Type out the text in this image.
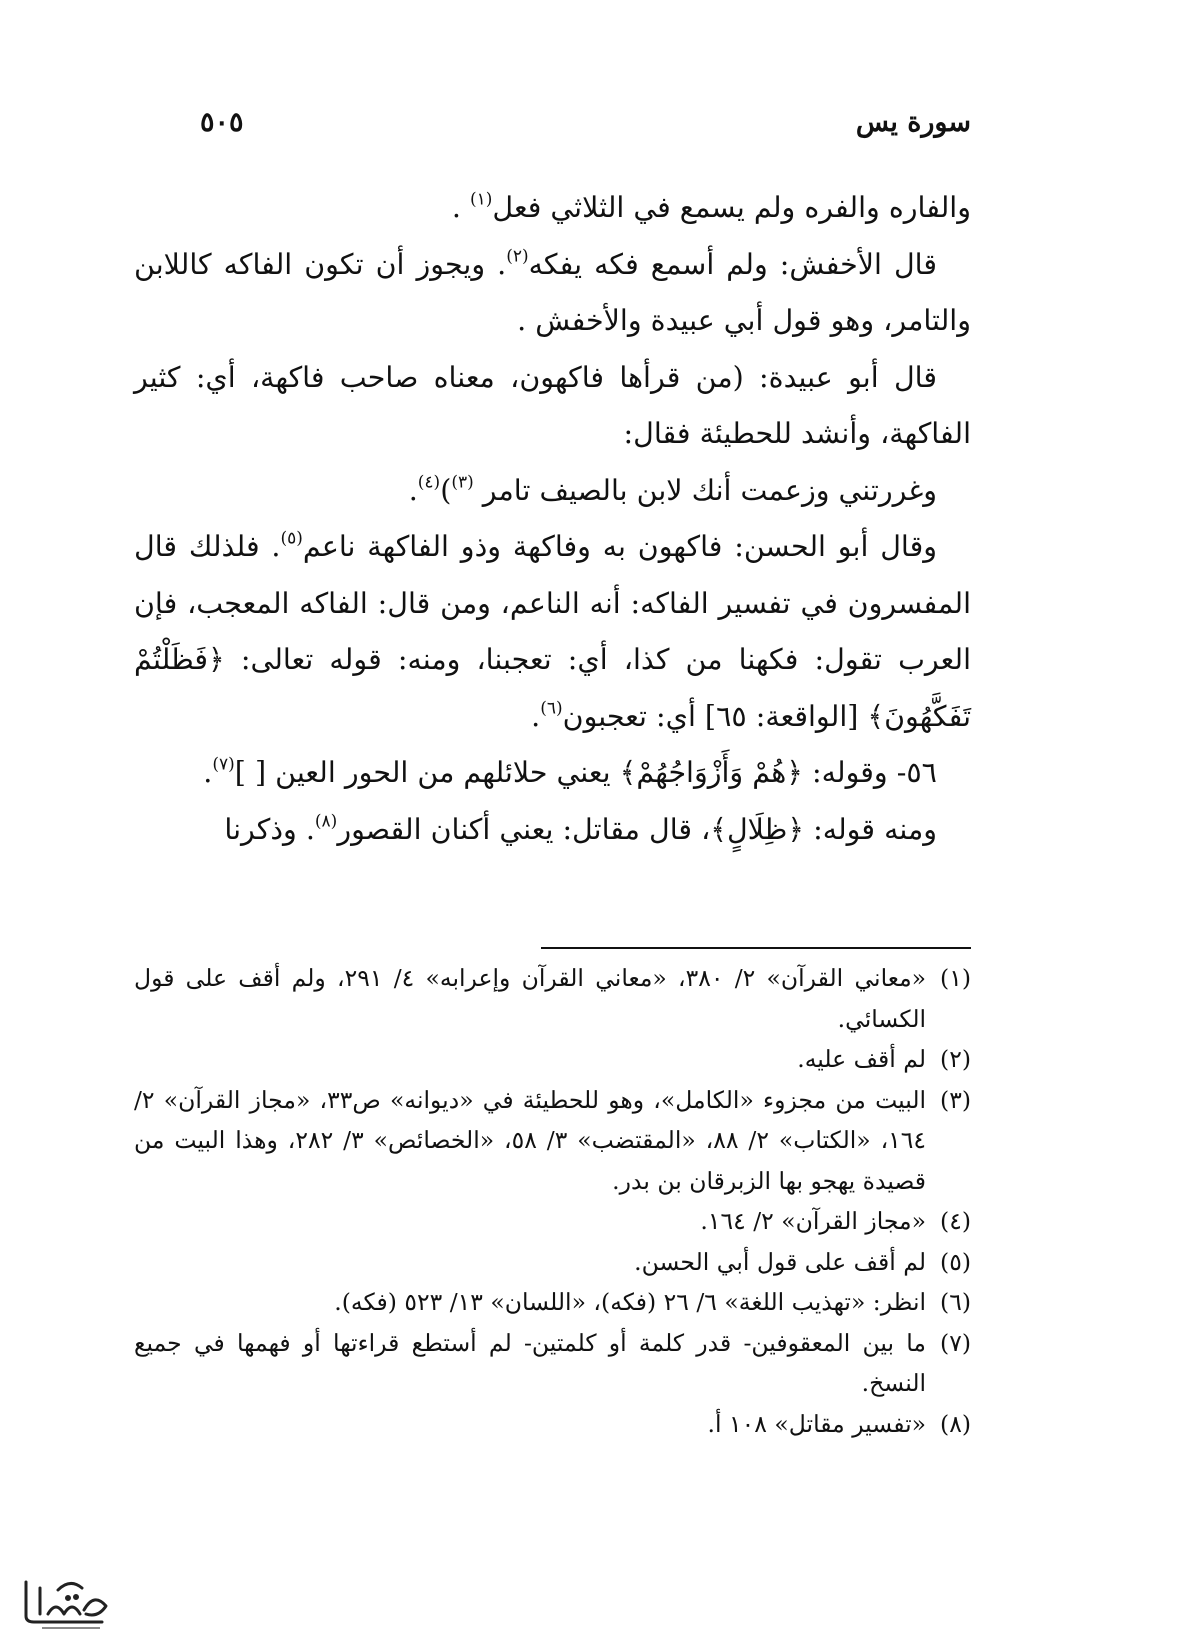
سورة يس
٥٠٥

والفاره والفره ولم يسمع في الثلاثي فعل$^{(١)}$ .

قال الأخفش: ولم أسمع فكه يفكه$^{(٢)}$. ويجوز أن تكون الفاكه كاللابن والتامر، وهو قول أبي عبيدة والأخفش .

قال أبو عبيدة: (من قرأها فاكهون، معناه صاحب فاكهة، أي: كثير الفاكهة، وأنشد للحطيئة فقال:

وغررتني وزعمت أنك لابن بالصيف تامر $^{(٣)}$)$^{(٤)}$.

وقال أبو الحسن: فاكهون به وفاكهة وذو الفاكهة ناعم$^{(٥)}$. فلذلك قال المفسرون في تفسير الفاكه: أنه الناعم، ومن قال: الفاكه المعجب، فإن العرب تقول: فكهنا من كذا، أي: تعجبنا، ومنه: قوله تعالى: ﴿فَظَلْتُمْ تَفَكَّهُونَ﴾ [الواقعة: ٦٥] أي: تعجبون$^{(٦)}$.

٥٦- وقوله: ﴿هُمْ وَأَزْوَاجُهُمْ﴾ يعني حلائلهم من الحور العين [ ]$^{(٧)}$.

ومنه قوله: ﴿ظِلَالٍ﴾، قال مقاتل: يعني أكنان القصور$^{(٨)}$. وذكرنا

(١)
«معاني القرآن» ٢/ ٣٨٠، «معاني القرآن وإعرابه» ٤/ ٢٩١، ولم أقف على قول الكسائي.
(٢)
لم أقف عليه.
(٣)
البيت من مجزوء «الكامل»، وهو للحطيئة في «ديوانه» ص٣٣، «مجاز القرآن» ٢/ ١٦٤، «الكتاب» ٢/ ٨٨، «المقتضب» ٣/ ٥٨، «الخصائص» ٣/ ٢٨٢، وهذا البيت من قصيدة يهجو بها الزبرقان بن بدر.
(٤)
«مجاز القرآن» ٢/ ١٦٤.
(٥)
لم أقف على قول أبي الحسن.
(٦)
انظر: «تهذيب اللغة» ٦/ ٢٦ (فكه)، «اللسان» ١٣/ ٥٢٣ (فكه).
(٧)
ما بين المعقوفين- قدر كلمة أو كلمتين- لم أستطع قراءتها أو فهمها في جميع النسخ.
(٨)
«تفسير مقاتل» ١٠٨ أ.
